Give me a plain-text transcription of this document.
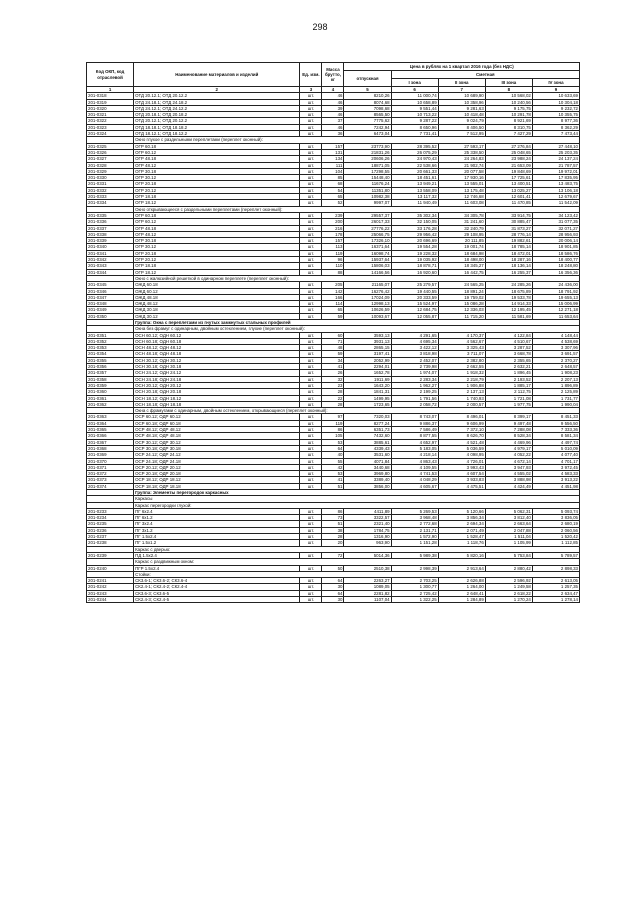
298
Код ОКП, код отраслевой	Наименование материалов и изделий	Ед. изм.	Масса брутто, кг	Цена в рублях на 1 квартал 2016 года (без НДС)				
				отпускная	Сметная			
					I зона	II зона	III зона	IV зона
1	2	3	4	5	6	7	8	9
201-0318	ОТД 20.12.1; ОТД 20.12.2	шт.	46	8210,26	11 000,74	10 689,90	10 568,02	10 633,69
201-0319	ОТД 24.18.1; ОТД 24.18.2	шт.	46	8074,68	10 658,89	10 358,96	10 240,56	10 304,18
201-0320	ОТД 24.12.1; ОТД 24.12.2	шт.	39	7098,68	9 551,44	9 281,63	9 175,75	9 232,72
201-0321	ОТД 20.18.1; ОТД 20.18.2	шт.	46	8565,50	10 713,22	10 418,48	10 291,78	10 355,75
201-0322	ОТД 20.12.1; ОТД 20.12.2	шт.	37	7775,62	9 287,22	9 024,79	8 921,69	8 977,36
201-0323	ОТД 18.18.1; ОТД 18.18.2	шт.	46	7242,94	8 650,96	8 406,50	8 310,75	8 362,29
201-0324	ОТД 18.12.1; ОТД 18.12.2	шт.	36	6473,04	7 731,41	7 512,95	7 427,29	7 473,44
	Окно глухое с раздельными переплетами (переплет оконный):							
201-0325	ОГР 60.18	шт.	157	23773,90	28 395,52	27 593,17	27 276,84	27 448,10
201-0326	ОГР 60.12	шт.	131	21831,26	26 075,29	25 338,50	25 048,65	25 203,35
201-0327	ОГР 48.18	шт.	134	20606,26	24 970,43	24 264,83	23 988,24	24 137,24
201-0328	ОГР 48.12	шт.	111	18871,05	22 538,66	21 902,74	21 653,09	21 787,57
201-0329	ОГР 30.18	шт.	104	17298,55	20 661,33	20 077,58	19 848,69	19 972,01
201-0330	ОГР 30.12	шт.	85	15448,40	18 451,61	17 930,16	17 725,61	17 835,95
201-0331	ОГР 20.18	шт.	68	11676,24	13 949,21	13 555,01	13 400,51	13 483,75
201-0332	ОГР 20.12	шт.	54	11351,80	13 558,09	13 175,48	13 025,27	13 106,18
201-0333	ОГР 18.18	шт.	65	10982,38	13 117,32	12 746,68	12 601,41	12 679,67
201-0334	ОГР 18.12	шт.	52	9997,07	11 940,49	11 603,08	11 470,85	11 542,09
	Окно открывающееся с раздельными переплетами (переплет оконный):							
201-0335	ОГР 60.18	шт.	239	29557,37	35 302,34	34 305,78	33 914,75	34 123,42
201-0336	ОГР 60.12	шт.	200	26017,33	32 150,05	31 241,60	30 885,47	31 077,35
201-0337	ОГР 48.18	шт.	216	27776,22	33 176,28	32 240,79	31 873,27	32 071,27
201-0338	ОГР 48.12	шт.	178	25066,75	29 956,42	29 108,95	28 776,14	28 956,93
201-0339	ОГР 30.18	шт.	157	17326,10	20 696,69	20 111,85	19 882,61	20 006,14
201-0340	ОГР 30.12	шт.	113	16371,64	19 554,28	19 001,74	18 785,14	18 901,85
201-0341	ОГР 20.18	шт.	119	16098,74	19 228,32	18 684,98	18 472,01	18 586,76
201-0342	ОГР 20.12	шт.	96	15937,64	19 035,92	18 498,00	18 287,16	18 400,77
201-0343	ОГР 18.18	шт.	110	15806,03	18 878,71	18 345,27	18 136,14	18 248,80
201-0344	ОГР 18.12	шт.	88	14166,56	16 920,60	16 442,75	16 255,37	16 356,36
	Окно с жалюзийной решеткой в одинарном переплете (переплет оконный):							
201-0345	ОЖД 60.18	шт.	205	21165,07	25 279,57	24 565,25	24 285,26	24 436,00
201-0346	ОЖД 60.12	шт.	142	16276,42	19 440,55	18 891,24	18 675,89	18 791,92
201-0347	ОЖД 48.18	шт.	166	17024,09	20 333,59	19 759,02	19 533,78	19 655,13
201-0348	ОЖД 48.12	шт.	114	12998,13	15 524,97	15 086,28	14 914,33	15 006,99
201-0349	ОЖД 30.18	шт.	65	10626,59	12 684,75	12 336,03	12 195,45	12 271,18
201-0350	ОЖД 30.12	шт.	59	10093,67	12 055,87	11 715,20	11 581,69	11 653,64
	Группа: Окна с переплетами из гнутых замкнутых стальных профилей							
	Окна без фрамуг с одинарным, двойным остеклением, глухие (переплет оконный):							
201-0351	ОСН 60.12; ОДН 60.12	шт.	60	3593,13	4 291,65	4 170,37	4 122,84	4 148,44
201-0352	ОСН 60.18; ОДН 60.18	шт.	71	3931,13	4 695,34	4 562,67	4 510,67	4 538,69
201-0353	ОСН 48.12; ОДН 48.12	шт.	48	2865,15	3 422,12	3 325,43	3 287,52	3 307,96
201-0354	ОСН 48.18; ОДН 48.18	шт.	59	3197,41	3 818,98	3 711,07	3 668,78	3 691,57
201-0355	ОСН 30.12; ОДН 30.12	шт.	34	2052,99	2 452,07	2 382,80	2 355,65	2 370,27
201-0356	ОСН 30.18; ОДН 30.18	шт.	41	2294,01	2 739,98	2 662,55	2 632,21	2 648,57
201-0357	ОСН 24.12; ОДН 24.12	шт.	26	1652,78	1 974,07	1 918,32	1 896,45	1 908,23
201-0358	ОСН 24.18; ОДН 24.18	шт.	32	1911,69	2 283,34	2 218,79	2 193,52	2 207,13
201-0359	ОСН 20.12; ОДН 20.12	шт.	23	1643,20	1 962,27	1 906,88	1 885,17	1 896,89
201-0360	ОСН 20.18; ОДН 20.18	шт.	28	1841,31	2 199,25	2 137,13	2 112,75	2 125,89
201-0361	ОСН 18.12; ОДН 18.12	шт.	22	1499,95	1 791,56	1 740,93	1 721,08	1 731,77
201-0362	ОСН 18.18; ОДН 18.18	шт.	28	1723,65	2 058,72	2 000,57	1 977,75	1 990,04
	Окна с фрамугами с одинарным, двойным остеклением, открывающиеся (переплет оконный):							
201-0363	ОСР 60.12; ОДР 60.12	шт.	97	7320,03	8 743,07	8 496,01	8 399,17	8 451,33
201-0364	ОСР 60.18; ОДР 60.18	шт.	119	8277,24	9 886,37	9 606,99	9 497,48	9 556,50
201-0365	ОСР 48.12; ОДР 48.12	шт.	86	6351,73	7 586,49	7 372,10	7 288,08	7 333,36
201-0366	ОСР 48.18; ОДР 48.18	шт.	105	7432,60	8 877,55	8 626,70	8 528,34	8 581,34
201-0367	ОСР 30.12; ОДР 30.12	шт.	53	3885,61	4 652,97	4 521,48	4 469,96	4 497,74
201-0368	ОСР 30.18; ОДР 30.18	шт.	64	4339,43	5 183,05	5 036,59	4 979,17	5 010,09
201-0369	ОСР 24.12; ОДР 24.12	шт.	40	3531,60	4 218,14	4 098,95	4 052,22	4 077,40
201-0370	ОСР 24.18; ОДР 24.18	шт.	55	4071,84	4 863,43	4 726,01	4 672,14	4 701,17
201-0371	ОСР 20.12; ОДР 20.12	шт.	42	3440,68	4 109,55	3 993,43	3 947,93	3 972,45
201-0372	ОСР 20.18; ОДР 20.18	шт.	53	3969,80	4 741,53	4 607,54	4 555,02	4 583,33
201-0373	ОСР 18.12; ОДР 18.12	шт.	41	3389,40	4 048,29	3 933,83	3 888,98	3 913,22
201-0374	ОСР 18.18; ОДР 18.18	шт.	51	3856,00	4 605,67	4 475,51	4 424,49	4 451,98
	Группа: Элементы перегородок каркасных							
	Каркасы							
	Каркас перегородки глухой:							
201-0233	ПГ 6х2.4	шт.	86	4411,89	5 269,53	5 120,66	5 062,31	5 093,74
201-0234	ПГ 6х1.2	шт.	73	3322,57	3 968,48	3 856,34	3 812,40	3 836,05
201-0235	ПГ 3х2.4	шт.	51	2321,40	2 772,68	2 694,34	2 663,64	2 680,19
201-0236	ПГ 3х1.2	шт.	38	1784,75	2 131,71	2 071,49	2 047,88	2 060,56
201-0237	ПГ 1.5х2.4	шт.	28	1316,90	1 572,90	1 528,47	1 511,04	1 520,42
201-0238	ПГ 1.5х1.2	шт.	20	963,90	1 151,28	1 118,76	1 105,99	1 112,85
	Каркас с дверью:							
201-0239	ПД 1.5х2.4	шт.	72	5014,36	5 989,38	5 820,16	5 753,84	5 789,57
	Каркас с раздвижным окном:							
201-0240	ПГР 1.5х2.4	шт.	50	2510,38	2 998,39	2 913,64	2 880,42	2 898,33
	Стойки:							
201-0241	СК3.6-1; СК3.6-2; СК3.6-4	шт.	64	2263,27	2 703,25	2 626,88	2 596,92	2 613,05
201-0242	СК2.4-1; СК2.4-2; СК2.4-4	шт.	30	1089,05	1 300,77	1 264,00	1 249,58	1 257,35
201-0243	СК3.6-3; СК3.6-5	шт.	64	2281,82	2 725,42	2 648,41	2 618,22	2 634,47
201-0244	СК2.4-3; СК2.4-5	шт.	30	1107,04	1 322,25	1 284,89	1 270,24	1 278,14
